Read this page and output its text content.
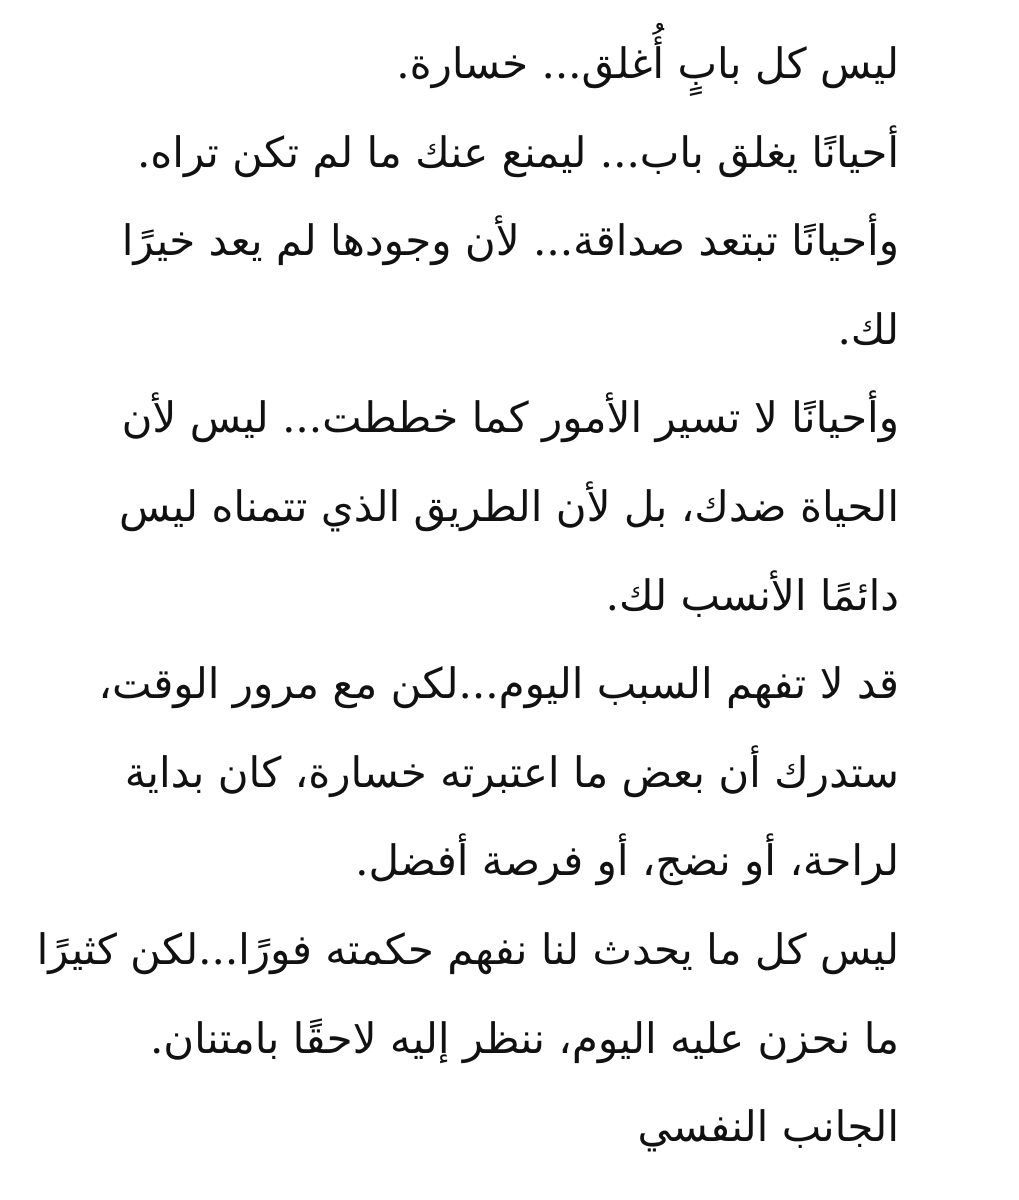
ليس كل بابٍ أُغلق... خسارة.
أحيانًا يغلق باب... ليمنع عنك ما لم تكن تراه.
وأحيانًا تبتعد صداقة... لأن وجودها لم يعد خيرًا
لك.
وأحيانًا لا تسير الأمور كما خططت... ليس لأن
الحياة ضدك، بل لأن الطريق الذي تتمناه ليس
دائمًا الأنسب لك.
قد لا تفهم السبب اليوم...لكن مع مرور الوقت،
ستدرك أن بعض ما اعتبرته خسارة، كان بداية
لراحة، أو نضج، أو فرصة أفضل.
ليس كل ما يحدث لنا نفهم حكمته فورًا...لكن كثيرًا
ما نحزن عليه اليوم، ننظر إليه لاحقًا بامتنان.
الجانب النفسي
